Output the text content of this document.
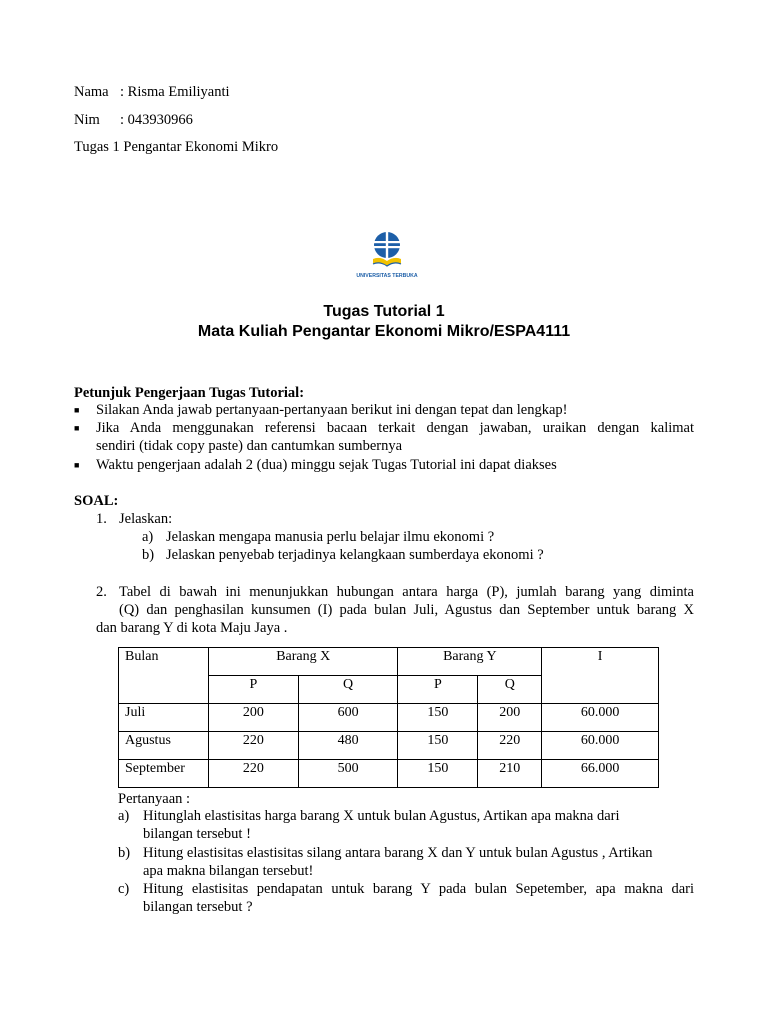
Nama : Risma Emiliyanti
Nim : 043930966
Tugas 1 Pengantar Ekonomi Mikro
UNIVERSITAS TERBUKA
Tugas Tutorial 1
Mata Kuliah Pengantar Ekonomi Mikro/ESPA4111
Petunjuk Pengerjaan Tugas Tutorial:
■ Silakan Anda jawab pertanyaan-pertanyaan berikut ini dengan tepat dan lengkap!
■ Jika Anda menggunakan referensi bacaan terkait dengan jawaban, uraikan dengan kalimat
sendiri (tidak copy paste) dan cantumkan sumbernya
■ Waktu pengerjaan adalah 2 (dua) minggu sejak Tugas Tutorial ini dapat diakses
SOAL:
1. Jelaskan:
a) Jelaskan mengapa manusia perlu belajar ilmu ekonomi ?
b) Jelaskan penyebab terjadinya kelangkaan sumberdaya ekonomi ?
2. Tabel di bawah ini menunjukkan hubungan antara harga (P), jumlah barang yang diminta
(Q) dan penghasilan kunsumen (I) pada bulan Juli, Agustus dan September untuk barang X
dan barang Y di kota Maju Jaya .
Bulan	Barang X		Barang Y		I
	P	Q	P	Q	
Juli	200	600	150	200	60.000
Agustus	220	480	150	220	60.000
September	220	500	150	210	66.000
Pertanyaan :
a) Hitunglah elastisitas harga barang X untuk bulan Agustus, Artikan apa makna dari
bilangan tersebut !
b) Hitung elastisitas elastisitas silang antara barang X dan Y untuk bulan Agustus , Artikan
apa makna bilangan tersebut!
c) Hitung elastisitas pendapatan untuk barang Y pada bulan Sepetember, apa makna dari
bilangan tersebut ?
